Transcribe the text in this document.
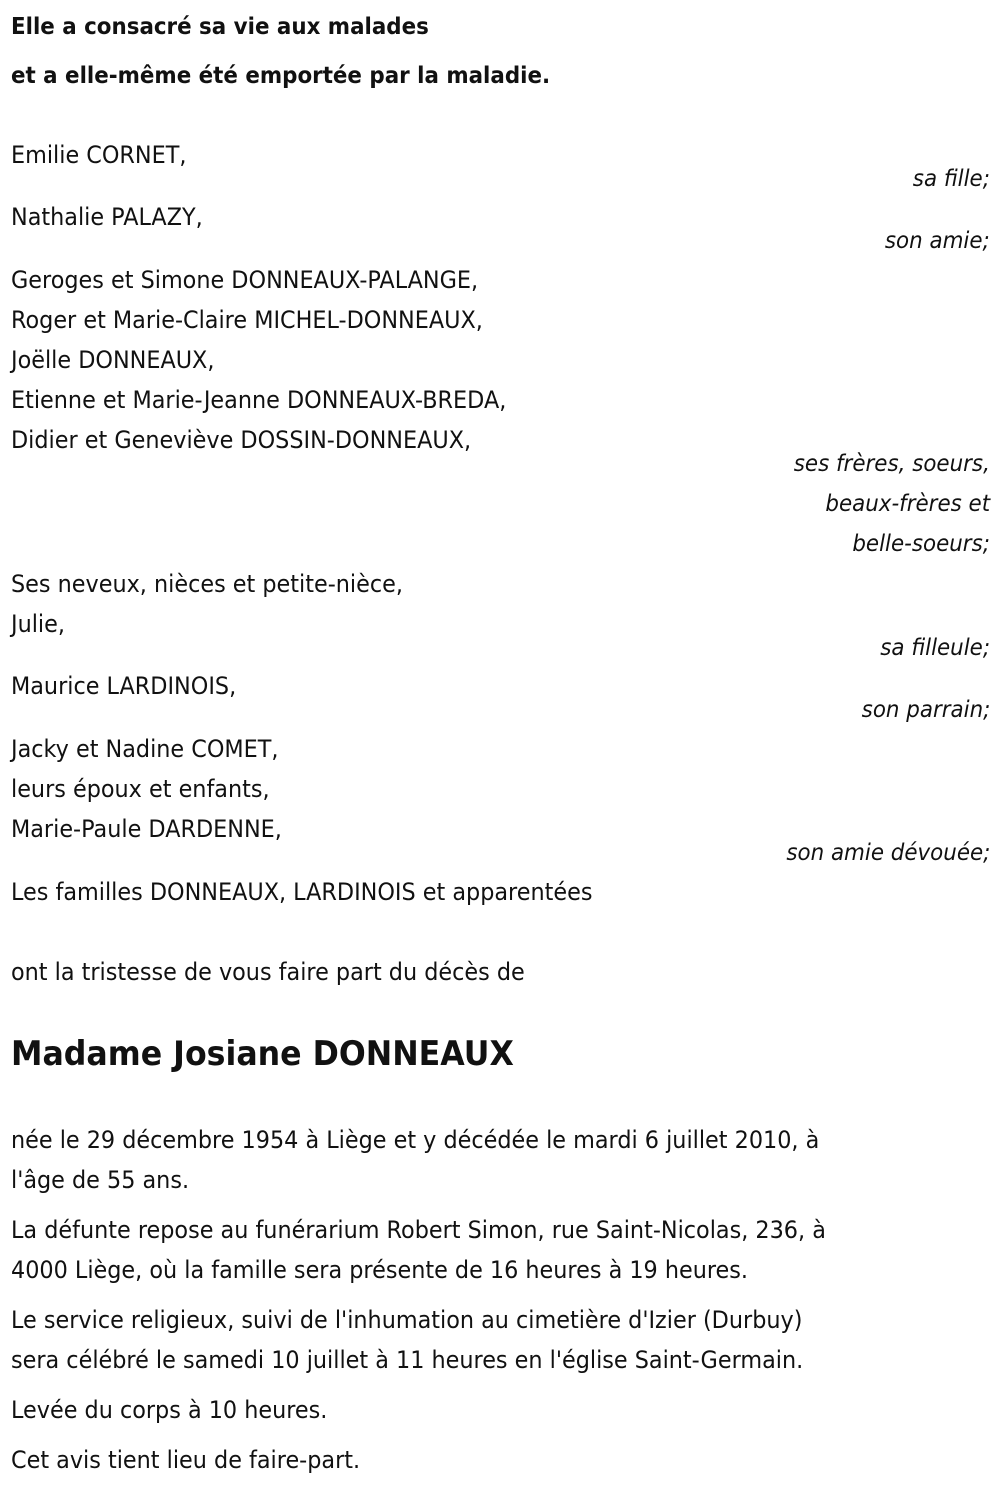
Elle a consacré sa vie aux malades
et a elle-même été emportée par la maladie.
Emilie CORNET,
sa fille;
Nathalie PALAZY,
son amie;
Geroges et Simone DONNEAUX-PALANGE,
Roger et Marie-Claire MICHEL-DONNEAUX,
Joëlle DONNEAUX,
Etienne et Marie-Jeanne DONNEAUX-BREDA,
Didier et Geneviève DOSSIN-DONNEAUX,
ses frères, soeurs,
beaux-frères et
belle-soeurs;
Ses neveux, nièces et petite-nièce,
Julie,
sa filleule;
Maurice LARDINOIS,
son parrain;
Jacky et Nadine COMET,
leurs époux et enfants,
Marie-Paule DARDENNE,
son amie dévouée;
Les familles DONNEAUX, LARDINOIS et apparentées
ont la tristesse de vous faire part du décès de
Madame Josiane DONNEAUX
née le 29 décembre 1954 à Liège et y décédée le mardi 6 juillet 2010, à
l'âge de 55 ans.
La défunte repose au funérarium Robert Simon, rue Saint-Nicolas, 236, à
4000 Liège, où la famille sera présente de 16 heures à 19 heures.
Le service religieux, suivi de l'inhumation au cimetière d'Izier (Durbuy)
sera célébré le samedi 10 juillet à 11 heures en l'église Saint-Germain.
Levée du corps à 10 heures.
Cet avis tient lieu de faire-part.
